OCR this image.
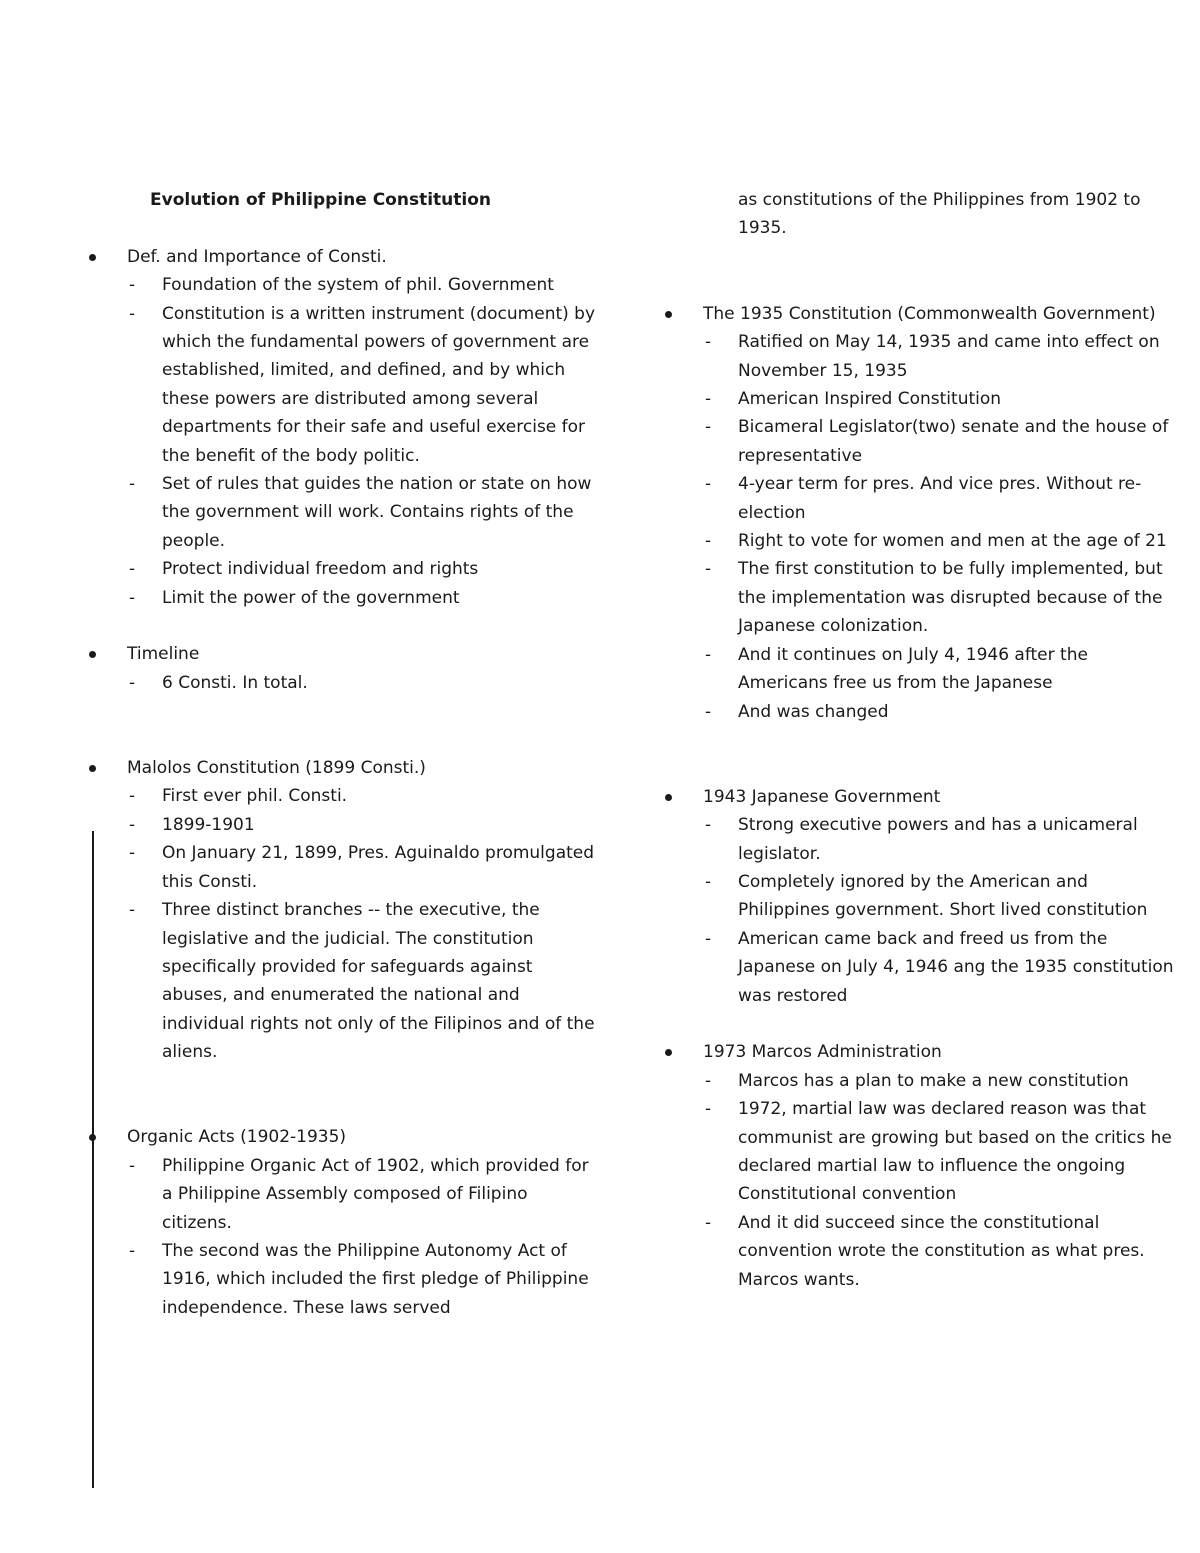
Evolution of Philippine Constitution
Def. and Importance of Consti.
- Foundation of the system of phil. Government
- Constitution is a written instrument (document) by which the fundamental powers of government are established, limited, and defined, and by which these powers are distributed among several departments for their safe and useful exercise for the benefit of the body politic.
- Set of rules that guides the nation or state on how the government will work. Contains rights of the people.
- Protect individual freedom and rights
- Limit the power of the government
Timeline
- 6 Consti. In total.
Malolos Constitution (1899 Consti.)
- First ever phil. Consti.
- 1899-1901
- On January 21, 1899, Pres. Aguinaldo promulgated this Consti.
- Three distinct branches -- the executive, the legislative and the judicial. The constitution specifically provided for safeguards against abuses, and enumerated the national and individual rights not only of the Filipinos and of the aliens.
Organic Acts (1902-1935)
- Philippine Organic Act of 1902, which provided for a Philippine Assembly composed of Filipino citizens.
- The second was the Philippine Autonomy Act of 1916, which included the first pledge of Philippine independence. These laws served
as constitutions of the Philippines from 1902 to 1935.
The 1935 Constitution (Commonwealth Government)
- Ratified on May 14, 1935 and came into effect on November 15, 1935
- American Inspired Constitution
- Bicameral Legislator(two) senate and the house of representative
- 4-year term for pres. And vice pres. Without re-election
- Right to vote for women and men at the age of 21
- The first constitution to be fully implemented, but the implementation was disrupted because of the Japanese colonization.
- And it continues on July 4, 1946 after the Americans free us from the Japanese
- And was changed
1943 Japanese Government
- Strong executive powers and has a unicameral legislator.
- Completely ignored by the American and Philippines government. Short lived constitution
- American came back and freed us from the Japanese on July 4, 1946 ang the 1935 constitution was restored
1973 Marcos Administration
- Marcos has a plan to make a new constitution
- 1972, martial law was declared reason was that communist are growing but based on the critics he declared martial law to influence the ongoing Constitutional convention
- And it did succeed since the constitutional convention wrote the constitution as what pres. Marcos wants.
